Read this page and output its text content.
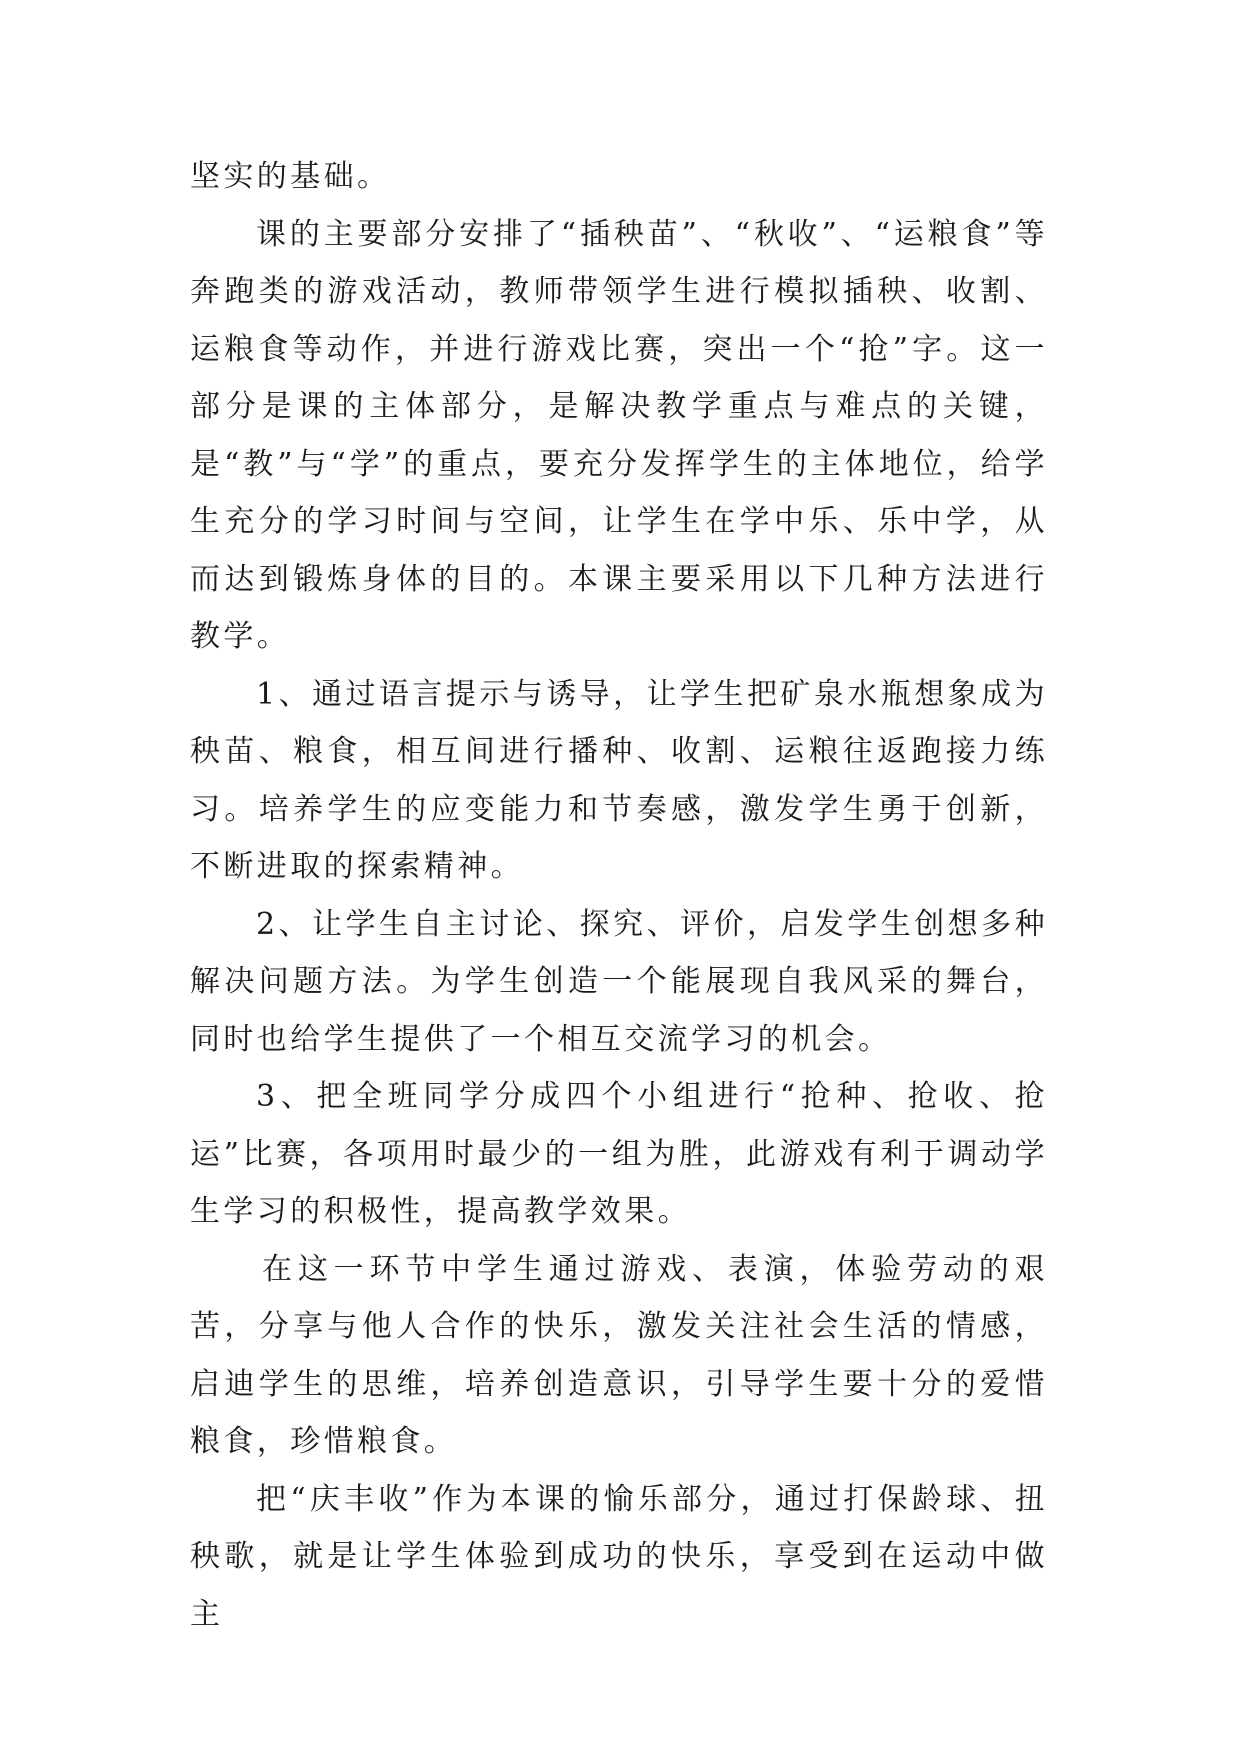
坚实的基础。

课的主要部分安排了“插秧苗”、“秋收”、“运粮食”等奔跑类的游戏活动，教师带领学生进行模拟插秧、收割、运粮食等动作，并进行游戏比赛，突出一个“抢”字。这一部分是课的主体部分，是解决教学重点与难点的关键，是“教”与“学”的重点，要充分发挥学生的主体地位，给学生充分的学习时间与空间，让学生在学中乐、乐中学，从而达到锻炼身体的目的。本课主要采用以下几种方法进行教学。

1、通过语言提示与诱导，让学生把矿泉水瓶想象成为秧苗、粮食，相互间进行播种、收割、运粮往返跑接力练习。培养学生的应变能力和节奏感，激发学生勇于创新，不断进取的探索精神。

2、让学生自主讨论、探究、评价，启发学生创想多种解决问题方法。为学生创造一个能展现自我风采的舞台，同时也给学生提供了一个相互交流学习的机会。

3、把全班同学分成四个小组进行“抢种、抢收、抢运”比赛，各项用时最少的一组为胜，此游戏有利于调动学生学习的积极性，提高教学效果。

在这一环节中学生通过游戏、表演，体验劳动的艰苦，分享与他人合作的快乐，激发关注社会生活的情感，启迪学生的思维，培养创造意识，引导学生要十分的爱惜粮食，珍惜粮食。

把“庆丰收”作为本课的愉乐部分，通过打保龄球、扭秧歌，就是让学生体验到成功的快乐，享受到在运动中做主
